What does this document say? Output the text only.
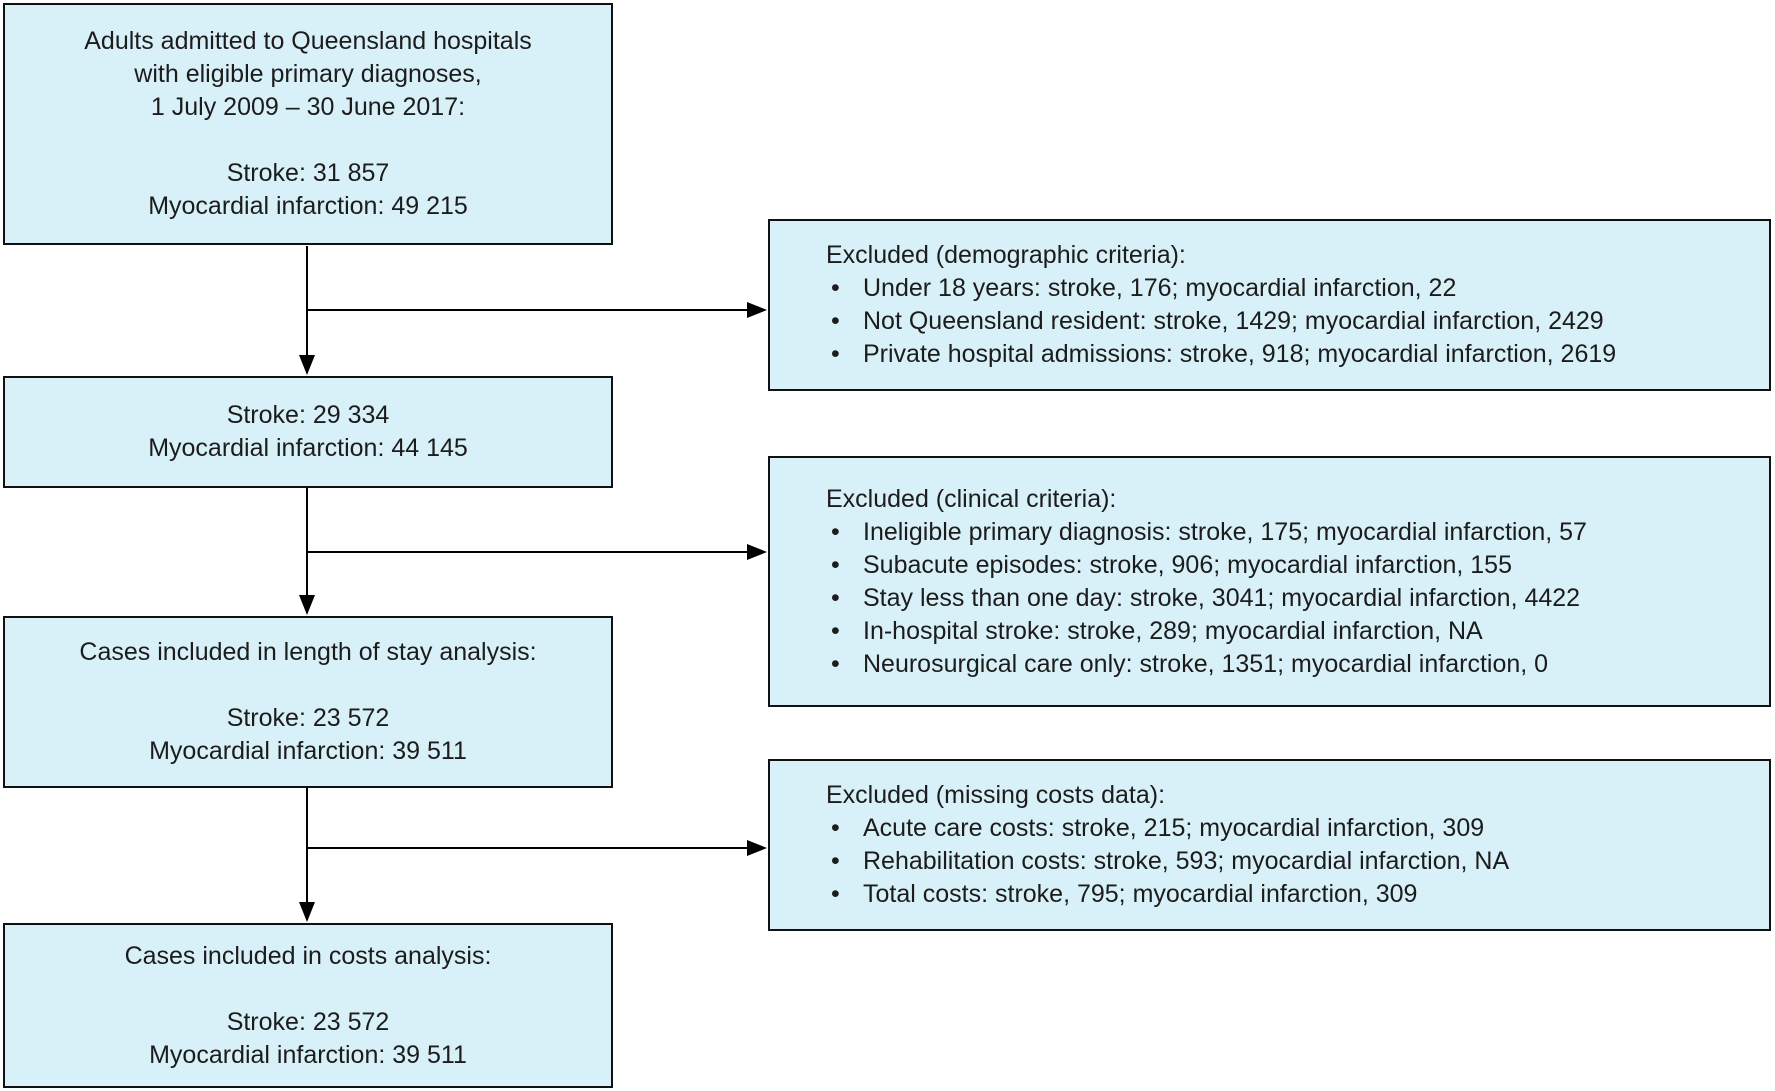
Adults admitted to Queensland hospitals
with eligible primary diagnoses,
1 July 2009 – 30 June 2017:
Stroke: 31 857
Myocardial infarction: 49 215
Stroke: 29 334
Myocardial infarction: 44 145
Cases included in length of stay analysis:
Stroke: 23 572
Myocardial infarction: 39 511
Cases included in costs analysis:
Stroke: 23 572
Myocardial infarction: 39 511
Excluded (demographic criteria):
• Under 18 years: stroke, 176; myocardial infarction, 22
• Not Queensland resident: stroke, 1429; myocardial infarction, 2429
• Private hospital admissions: stroke, 918; myocardial infarction, 2619
Excluded (clinical criteria):
• Ineligible primary diagnosis: stroke, 175; myocardial infarction, 57
• Subacute episodes: stroke, 906; myocardial infarction, 155
• Stay less than one day: stroke, 3041; myocardial infarction, 4422
• In-hospital stroke: stroke, 289; myocardial infarction, NA
• Neurosurgical care only: stroke, 1351; myocardial infarction, 0
Excluded (missing costs data):
• Acute care costs: stroke, 215; myocardial infarction, 309
• Rehabilitation costs: stroke, 593; myocardial infarction, NA
• Total costs: stroke, 795; myocardial infarction, 309
